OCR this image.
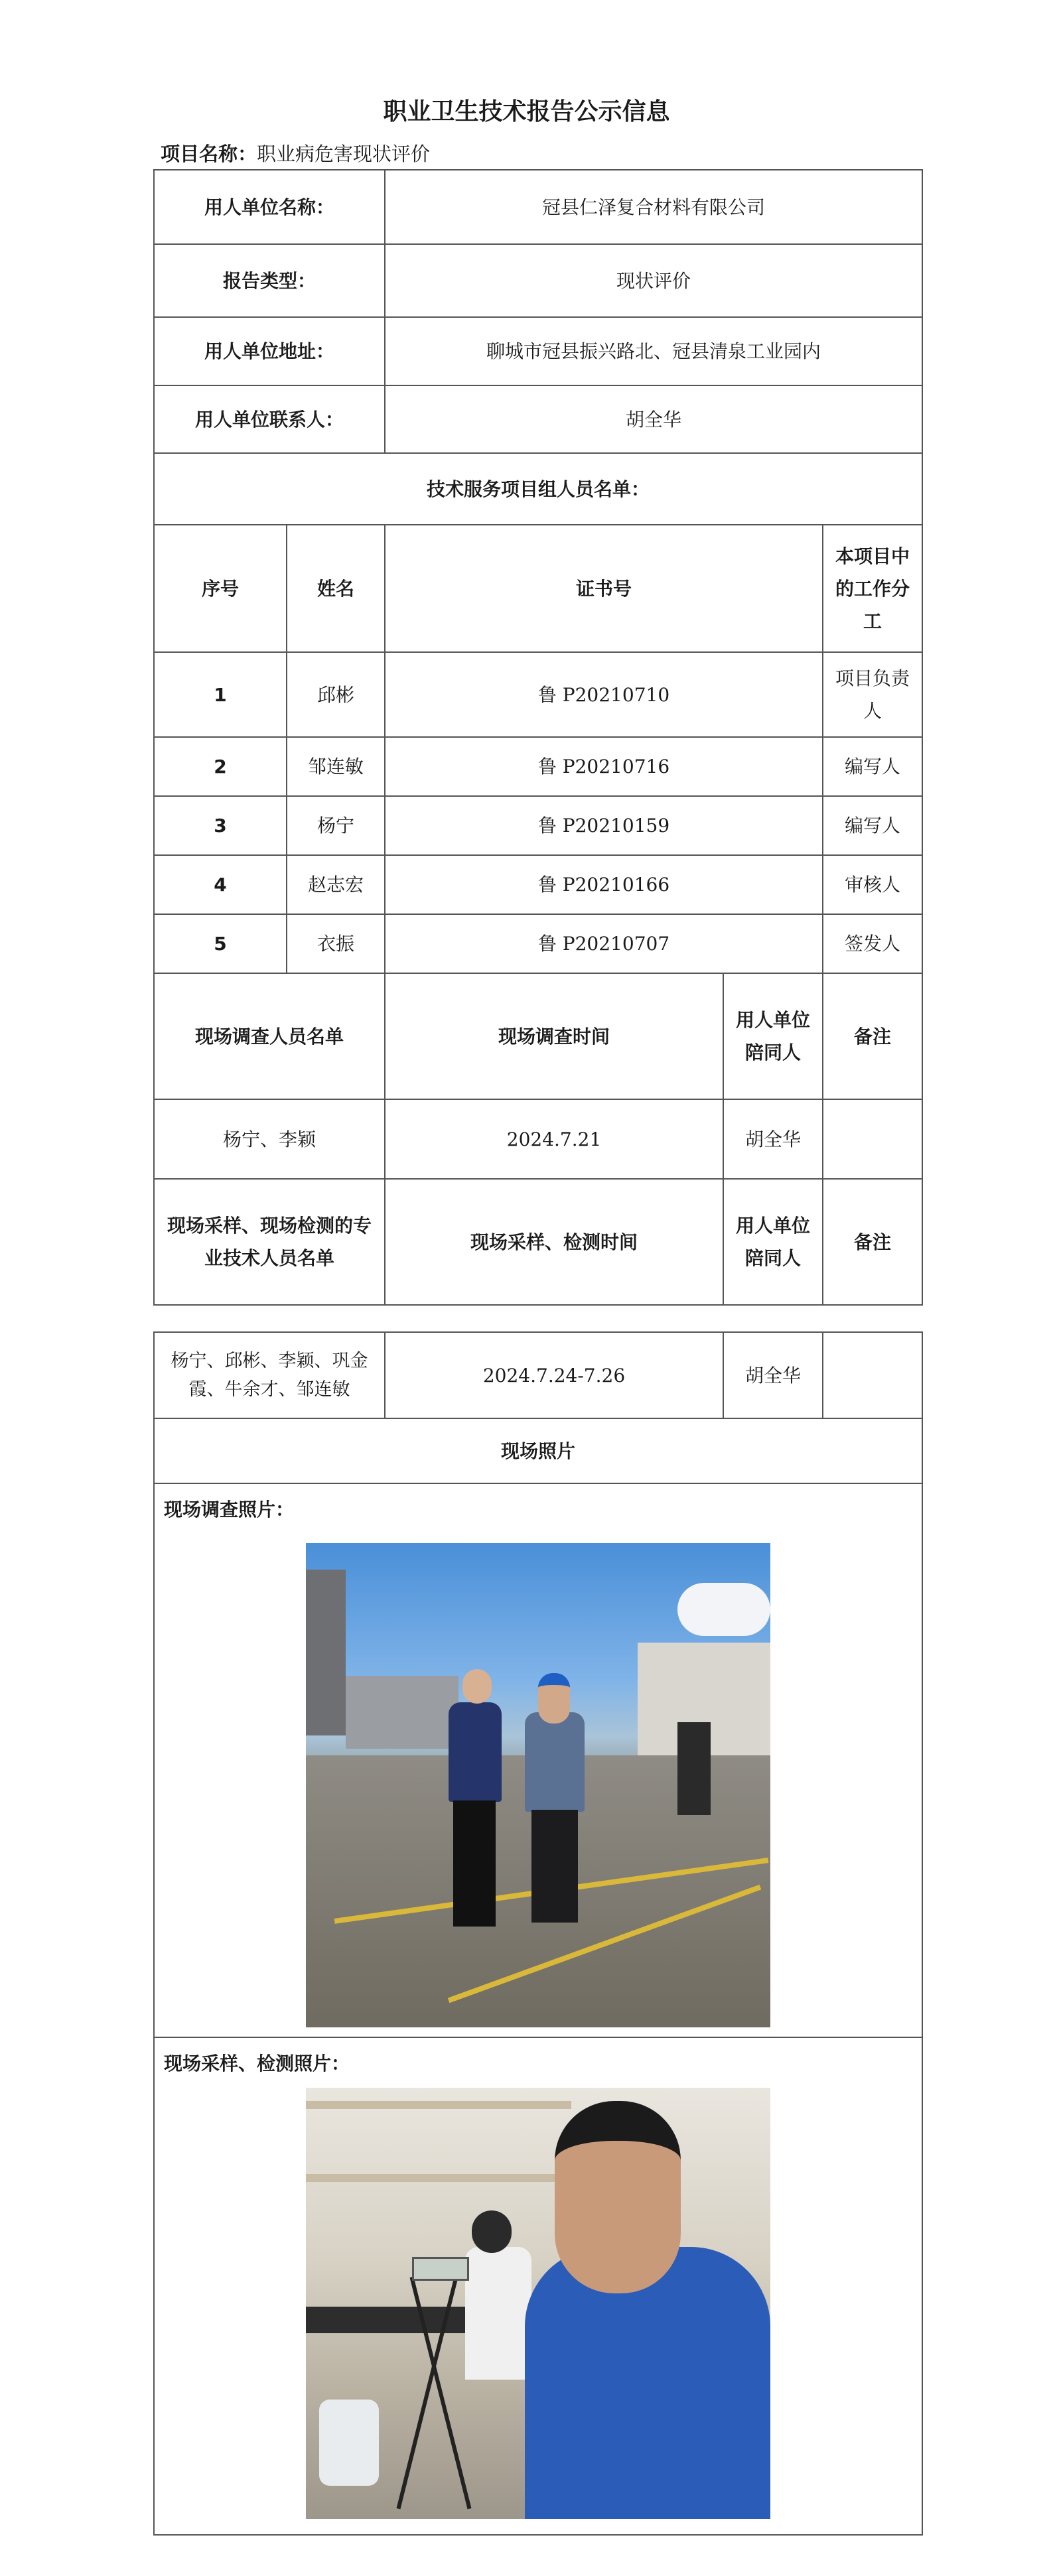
职业卫生技术报告公示信息
项目名称：职业病危害现状评价
用人单位名称：		冠县仁泽复合材料有限公司		
报告类型：		现状评价		
用人单位地址：		聊城市冠县振兴路北、冠县清泉工业园内		
用人单位联系人：		胡全华		
技术服务项目组人员名单：				
序号	姓名	证书号		本项目中的工作分工
1	邱彬	鲁 P20210710		项目负责人
2	邹连敏	鲁 P20210716		编写人
3	杨宁	鲁 P20210159		编写人
4	赵志宏	鲁 P20210166		审核人
5	衣振	鲁 P20210707		签发人
现场调查人员名单		现场调查时间	用人单位陪同人	备注
杨宁、李颖		2024.7.21	胡全华	
现场采样、现场检测的专业技术人员名单		现场采样、检测时间	用人单位陪同人	备注
杨宁、邱彬、李颖、巩金霞、牛余才、邹连敏	2024.7.24-7.26	胡全华	
现场照片

现场调查照片：

现场采样、检测照片：
